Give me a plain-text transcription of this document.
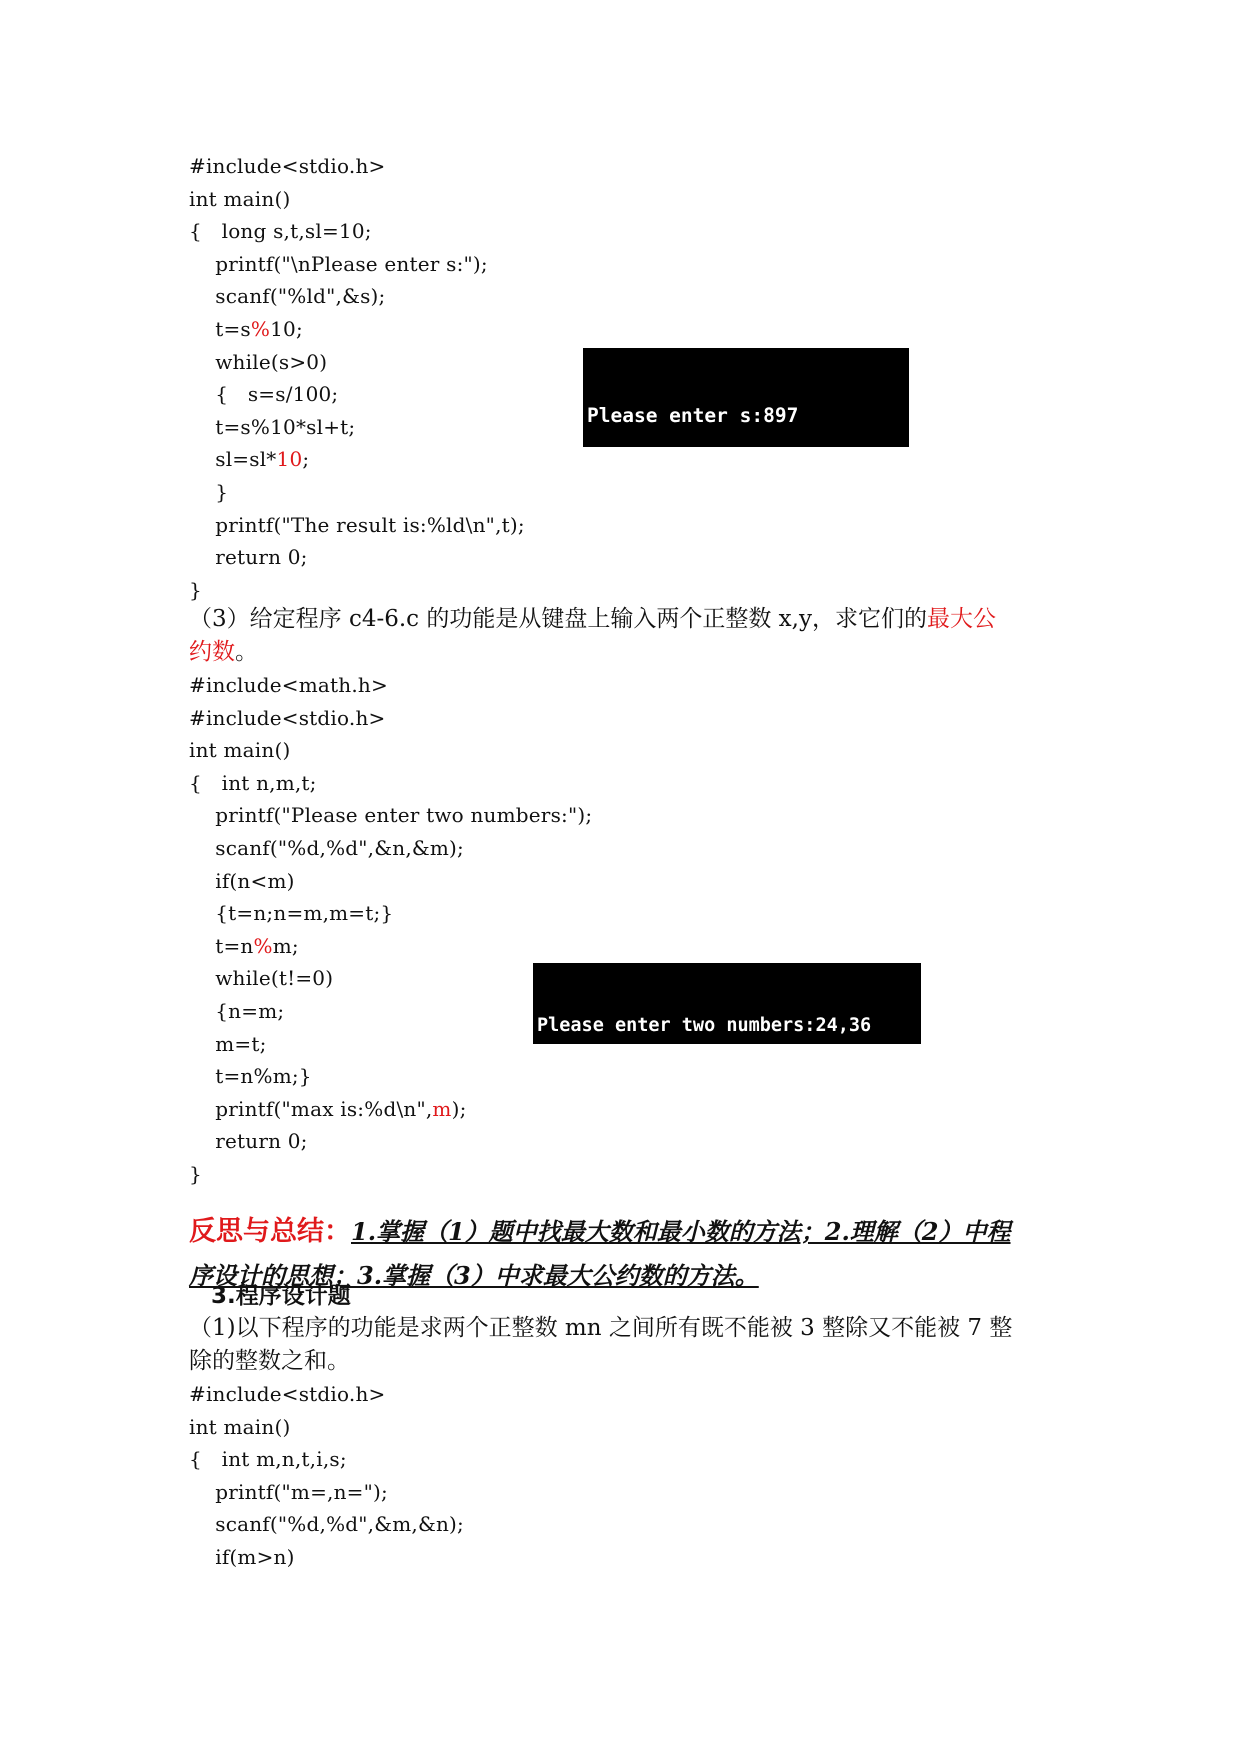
#include<stdio.h>
int main()
{   long s,t,sl=10;
printf("\nPlease enter s:");
scanf("%ld",&s);
t=s%10;
while(s>0)
{   s=s/100;
t=s%10*sl+t;
sl=sl*10;
}
printf("The result is:%ld\n",t);
return 0;
}

Please enter s:897

The result is:87

Press any key to continue

（3）给定程序 c4-6.c 的功能是从键盘上输入两个正整数 x,y，求它们的最大公
约数。
#include<math.h>
#include<stdio.h>
int main()
{   int n,m,t;
printf("Please enter two numbers:");
scanf("%d,%d",&n,&m);
if(n<m)
{t=n;n=m,m=t;}
t=n%m;
while(t!=0)
{n=m;
m=t;
t=n%m;}
printf("max is:%d\n",m);
return 0;
}

Please enter two numbers:24,36

max is:12

Press any key to continue

反思与总结：1.掌握（1）题中找最大数和最小数的方法；2.理解（2）中程
序设计的思想；3.掌握（3）中求最大公约数的方法。
3.程序设计题
（1)以下程序的功能是求两个正整数 mn 之间所有既不能被 3 整除又不能被 7 整
除的整数之和。
#include<stdio.h>
int main()
{   int m,n,t,i,s;
printf("m=,n=");
scanf("%d,%d",&m,&n);
if(m>n)
